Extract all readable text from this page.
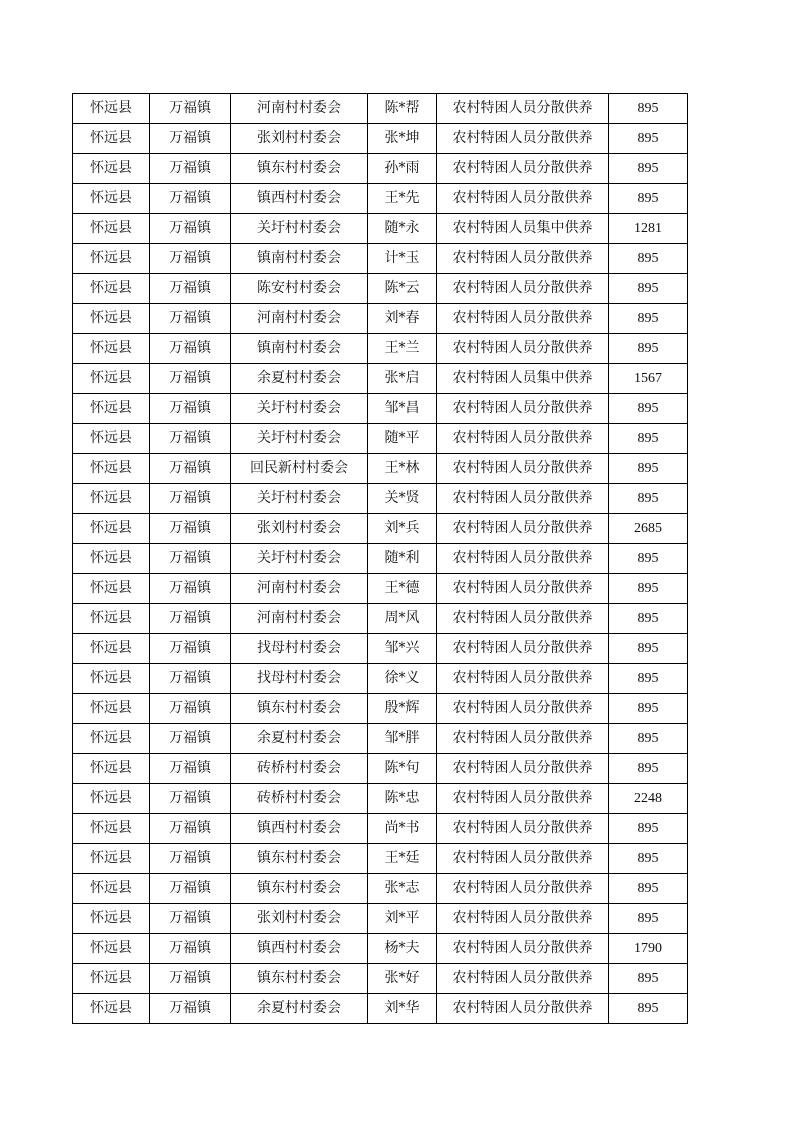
怀远县	万福镇	河南村村委会	陈*帮	农村特困人员分散供养	895
怀远县	万福镇	张刘村村委会	张*坤	农村特困人员分散供养	895
怀远县	万福镇	镇东村村委会	孙*雨	农村特困人员分散供养	895
怀远县	万福镇	镇西村村委会	王*先	农村特困人员分散供养	895
怀远县	万福镇	关圩村村委会	随*永	农村特困人员集中供养	1281
怀远县	万福镇	镇南村村委会	计*玉	农村特困人员分散供养	895
怀远县	万福镇	陈安村村委会	陈*云	农村特困人员分散供养	895
怀远县	万福镇	河南村村委会	刘*春	农村特困人员分散供养	895
怀远县	万福镇	镇南村村委会	王*兰	农村特困人员分散供养	895
怀远县	万福镇	余夏村村委会	张*启	农村特困人员集中供养	1567
怀远县	万福镇	关圩村村委会	邹*昌	农村特困人员分散供养	895
怀远县	万福镇	关圩村村委会	随*平	农村特困人员分散供养	895
怀远县	万福镇	回民新村村委会	王*林	农村特困人员分散供养	895
怀远县	万福镇	关圩村村委会	关*贤	农村特困人员分散供养	895
怀远县	万福镇	张刘村村委会	刘*兵	农村特困人员分散供养	2685
怀远县	万福镇	关圩村村委会	随*利	农村特困人员分散供养	895
怀远县	万福镇	河南村村委会	王*德	农村特困人员分散供养	895
怀远县	万福镇	河南村村委会	周*风	农村特困人员分散供养	895
怀远县	万福镇	找母村村委会	邹*兴	农村特困人员分散供养	895
怀远县	万福镇	找母村村委会	徐*义	农村特困人员分散供养	895
怀远县	万福镇	镇东村村委会	殷*辉	农村特困人员分散供养	895
怀远县	万福镇	余夏村村委会	邹*胖	农村特困人员分散供养	895
怀远县	万福镇	砖桥村村委会	陈*句	农村特困人员分散供养	895
怀远县	万福镇	砖桥村村委会	陈*忠	农村特困人员分散供养	2248
怀远县	万福镇	镇西村村委会	尚*书	农村特困人员分散供养	895
怀远县	万福镇	镇东村村委会	王*廷	农村特困人员分散供养	895
怀远县	万福镇	镇东村村委会	张*志	农村特困人员分散供养	895
怀远县	万福镇	张刘村村委会	刘*平	农村特困人员分散供养	895
怀远县	万福镇	镇西村村委会	杨*夫	农村特困人员分散供养	1790
怀远县	万福镇	镇东村村委会	张*好	农村特困人员分散供养	895
怀远县	万福镇	余夏村村委会	刘*华	农村特困人员分散供养	895
